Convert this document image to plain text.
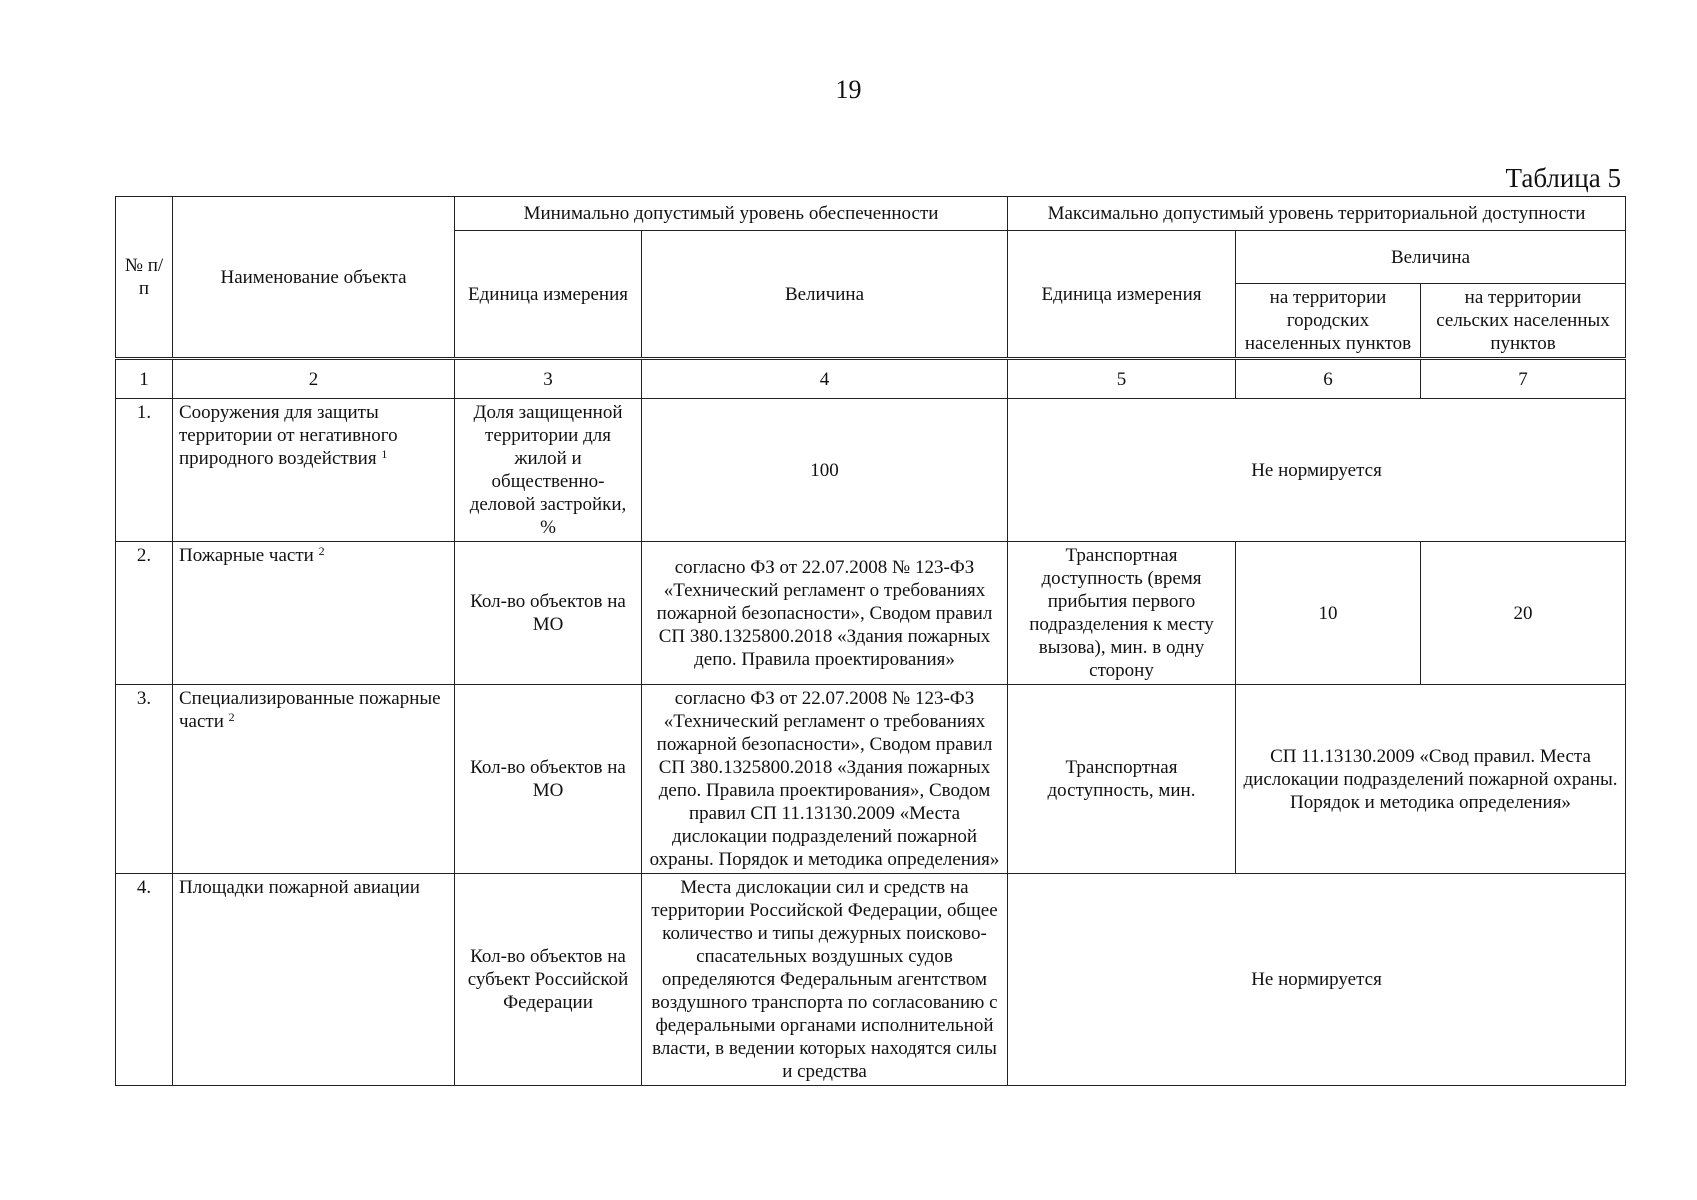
19
Таблица 5
№ п/п	Наименование объекта	Минимально допустимый уровень обеспеченности		Максимально допустимый уровень территориальной доступности		
		Единица измерения	Величина	Единица измерения	Величина	
					на территории городских населенных пунктов	на территории сельских населенных пунктов
1	2	3	4	5	6	7
1.	Сооружения для защиты территории от негативного природного воздействия $^1$	Доля защищенной территории для жилой и общественно-деловой застройки, %	100	Не нормируется		
2.	Пожарные части $^2$	Кол-во объектов на МО	согласно ФЗ от 22.07.2008 № 123-ФЗ «Технический регламент о требованиях пожарной безопасности», Сводом правил СП 380.1325800.2018 «Здания пожарных депо. Правила проектирования»	Транспортная доступность (время прибытия первого подразделения к месту вызова), мин. в одну сторону	10	20
3.	Специализированные пожарные части $^2$	Кол-во объектов на МО	согласно ФЗ от 22.07.2008 № 123-ФЗ «Технический регламент о требованиях пожарной безопасности», Сводом правил СП 380.1325800.2018 «Здания пожарных депо. Правила проектирования», Сводом правил СП 11.13130.2009 «Места дислокации подразделений пожарной охраны. Порядок и методика определения»	Транспортная доступность, мин.	СП 11.13130.2009 «Свод правил. Места дислокации подразделений пожарной охраны. Порядок и методика определения»	
4.	Площадки пожарной авиации	Кол-во объектов на субъект Российской Федерации	Места дислокации сил и средств на территории Российской Федерации, общее количество и типы дежурных поисково-спасательных воздушных судов определяются Федеральным агентством воздушного транспорта по согласованию с федеральными органами исполнительной власти, в ведении которых находятся силы и средства	Не нормируется		
